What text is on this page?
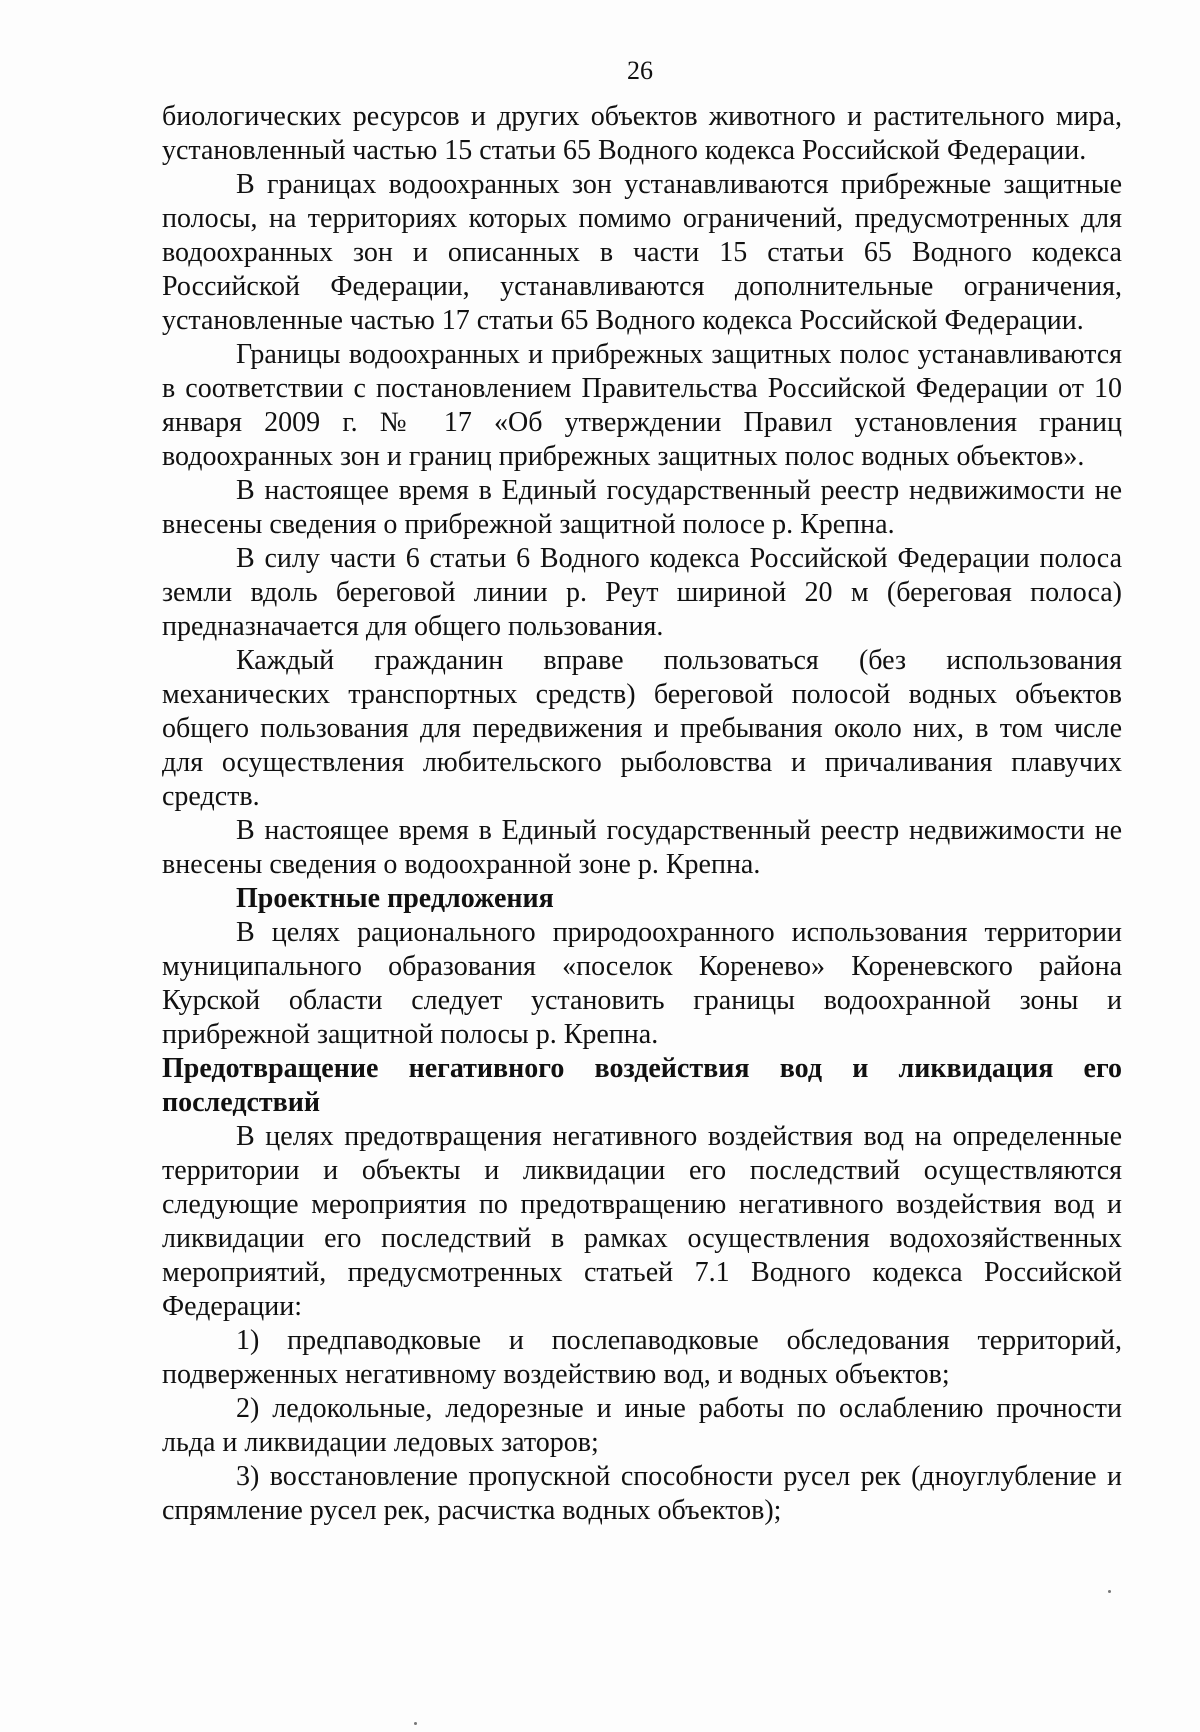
26

биологических ресурсов и других объектов животного и растительного мира, установленный частью 15 статьи 65 Водного кодекса Российской Федерации.

В границах водоохранных зон устанавливаются прибрежные защитные полосы, на территориях которых помимо ограничений, предусмотренных для водоохранных зон и описанных в части 15 статьи 65 Водного кодекса Российской Федерации, устанавливаются дополнительные ограничения, установленные частью 17 статьи 65 Водного кодекса Российской Федерации.

Границы водоохранных и прибрежных защитных полос устанавливаются в соответствии с постановлением Правительства Российской Федерации от 10 января 2009 г. № 17 «Об утверждении Правил установления границ водоохранных зон и границ прибрежных защитных полос водных объектов».

В настоящее время в Единый государственный реестр недвижимости не внесены сведения о прибрежной защитной полосе р. Крепна.

В силу части 6 статьи 6 Водного кодекса Российской Федерации полоса земли вдоль береговой линии р. Реут шириной 20 м (береговая полоса) предназначается для общего пользования.

Каждый гражданин вправе пользоваться (без использования механических транспортных средств) береговой полосой водных объектов общего пользования для передвижения и пребывания около них, в том числе для осуществления любительского рыболовства и причаливания плавучих средств.

В настоящее время в Единый государственный реестр недвижимости не внесены сведения о водоохранной зоне р. Крепна.

Проектные предложения

В целях рационального природоохранного использования территории муниципального образования «поселок Коренево» Кореневского района Курской области следует установить границы водоохранной зоны и прибрежной защитной полосы р. Крепна.

Предотвращение негативного воздействия вод и ликвидация его последствий

В целях предотвращения негативного воздействия вод на определенные территории и объекты и ликвидации его последствий осуществляются следующие мероприятия по предотвращению негативного воздействия вод и ликвидации его последствий в рамках осуществления водохозяйственных мероприятий, предусмотренных статьей 7.1 Водного кодекса Российской Федерации:

1) предпаводковые и послепаводковые обследования территорий, подверженных негативному воздействию вод, и водных объектов;

2) ледокольные, ледорезные и иные работы по ослаблению прочности льда и ликвидации ледовых заторов;

3) восстановление пропускной способности русел рек (дноуглубление и спрямление русел рек, расчистка водных объектов);
